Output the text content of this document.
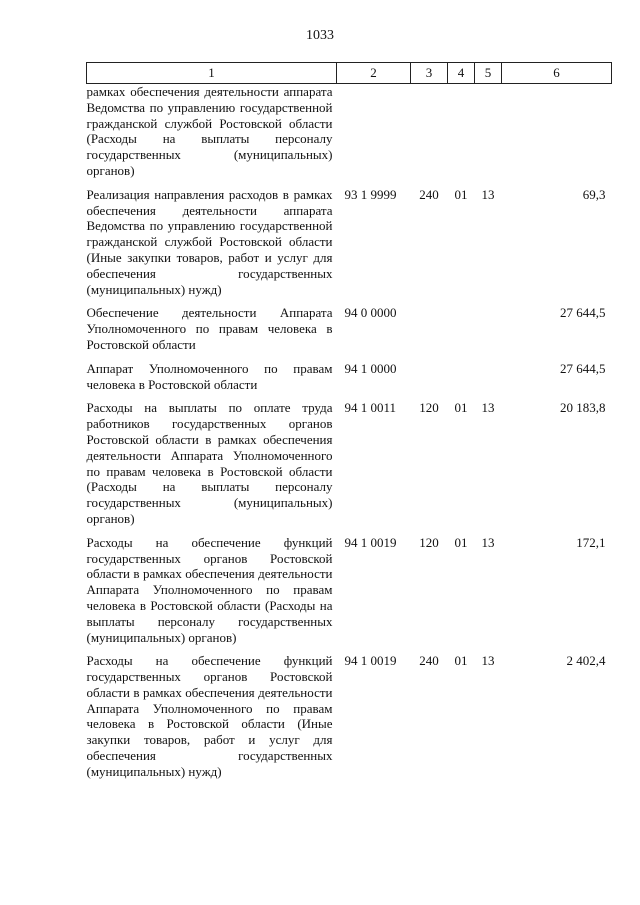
1033
1	2	3	4	5	6
рамках обеспечения деятельности аппарата Ведомства по управлению государственной гражданской службой Ростовской области (Расходы на выплаты персоналу государственных (муниципальных) органов)					
Реализация направления расходов в рамках обеспечения деятельности аппарата Ведомства по управлению государственной гражданской службой Ростовской области (Иные закупки товаров, работ и услуг для обеспечения государственных (муниципальных) нужд)	93 1 9999	240	01	13	69,3
Обеспечение деятельности Аппарата Уполномоченного по правам человека в Ростовской области	94 0 0000				27 644,5
Аппарат Уполномоченного по правам человека в Ростовской области	94 1 0000				27 644,5
Расходы на выплаты по оплате труда работников государственных органов Ростовской области в рамках обеспечения деятельности Аппарата Уполномоченного по правам человека в Ростовской области (Расходы на выплаты персоналу государственных (муниципальных) органов)	94 1 0011	120	01	13	20 183,8
Расходы на обеспечение функций государственных органов Ростовской области в рамках обеспечения деятельности Аппарата Уполномоченного по правам человека в Ростовской области (Расходы на выплаты персоналу государственных (муниципальных) органов)	94 1 0019	120	01	13	172,1
Расходы на обеспечение функций государственных органов Ростовской области в рамках обеспечения деятельности Аппарата Уполномоченного по правам человека в Ростовской области (Иные закупки товаров, работ и услуг для обеспечения государственных (муниципальных) нужд)	94 1 0019	240	01	13	2 402,4
